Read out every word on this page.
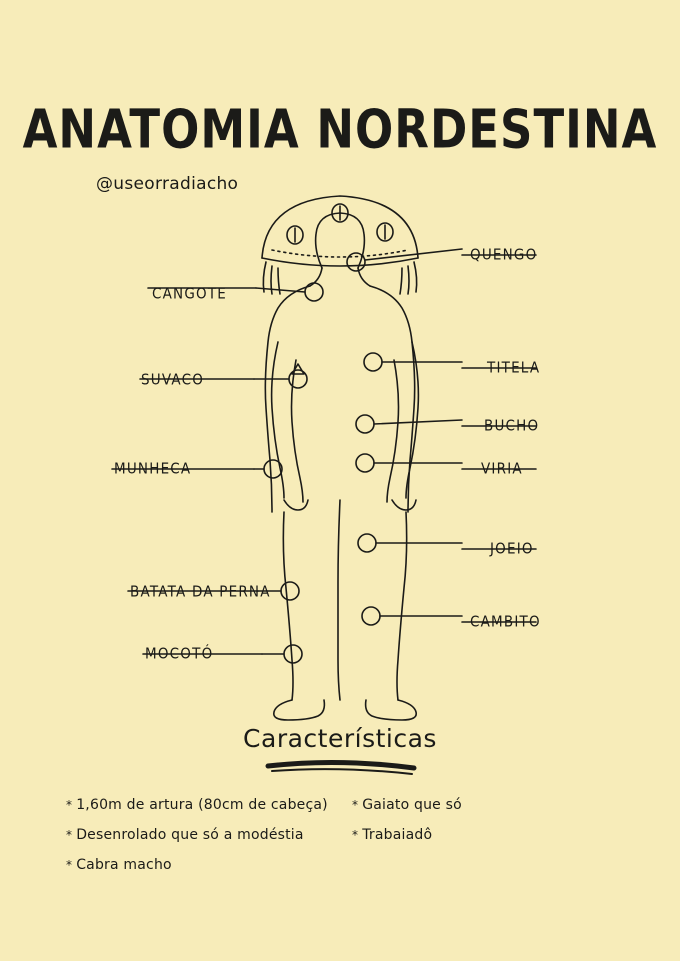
ANATOMIA NORDESTINA
@useorradiacho
QUENGO
CANGOTE
TITELA
SUVACO
BUCHO
VIRIA
MUNHECA
JOEIO
BATATA DA PERNA
CAMBITO
MOCOTÓ
Características
* 1,60m de artura (80cm de cabeça)
* Desenrolado que só a modéstia
* Cabra macho
* Gaiato que só
* Trabaiadô
